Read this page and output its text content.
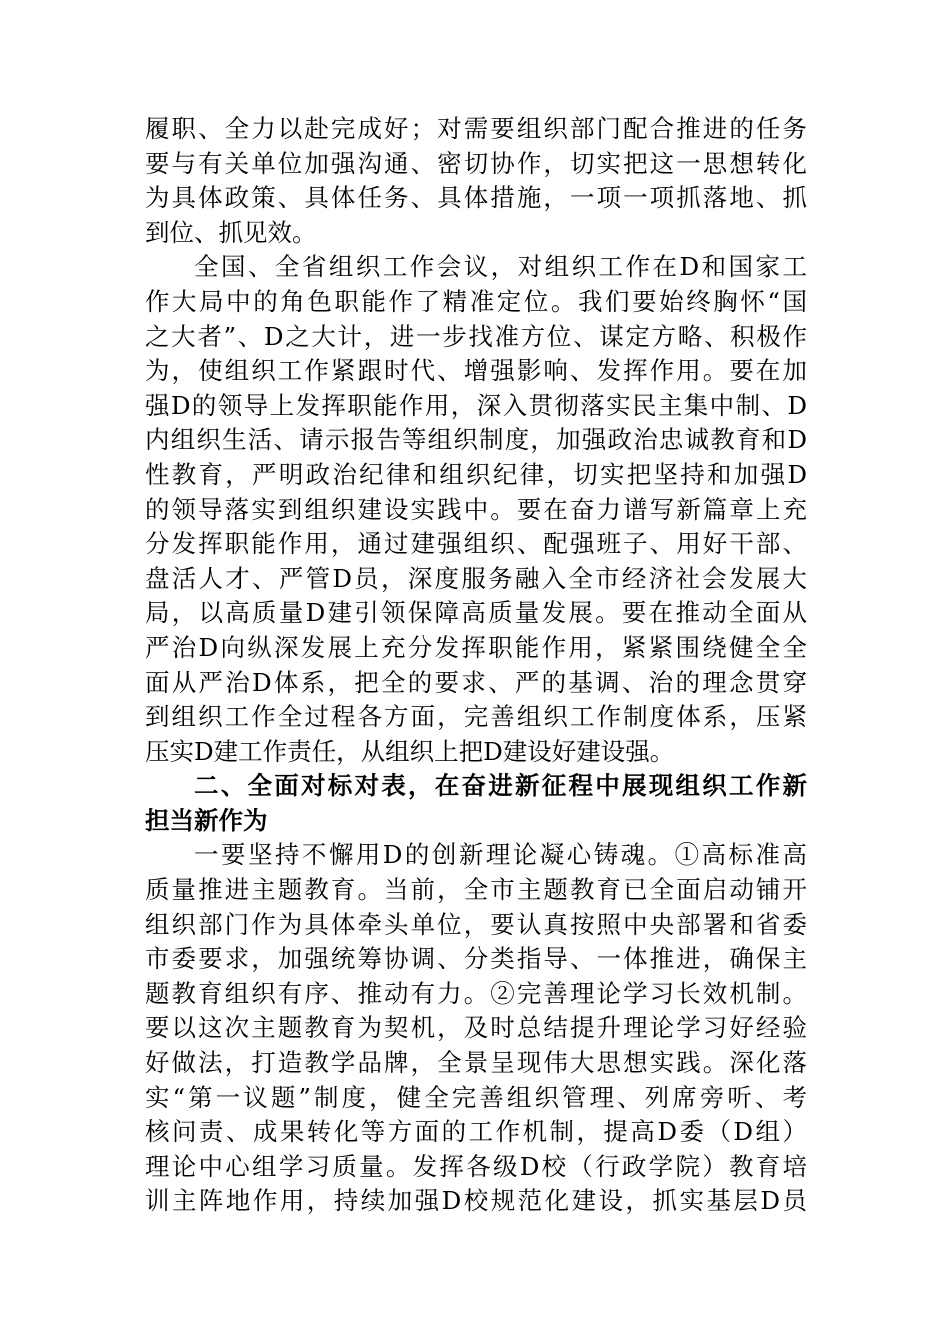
履职、全力以赴完成好；对需要组织部门配合推进的任务
要与有关单位加强沟通、密切协作，切实把这一思想转化
为具体政策、具体任务、具体措施，一项一项抓落地、抓
到位、抓见效。
全国、全省组织工作会议，对组织工作在D和国家工
作大局中的角色职能作了精准定位。我们要始终胸怀“国
之大者”、D之大计，进一步找准方位、谋定方略、积极作
为，使组织工作紧跟时代、增强影响、发挥作用。要在加
强D的领导上发挥职能作用，深入贯彻落实民主集中制、D
内组织生活、请示报告等组织制度，加强政治忠诚教育和D
性教育，严明政治纪律和组织纪律，切实把坚持和加强D
的领导落实到组织建设实践中。要在奋力谱写新篇章上充
分发挥职能作用，通过建强组织、配强班子、用好干部、
盘活人才、严管D员，深度服务融入全市经济社会发展大
局，以高质量D建引领保障高质量发展。要在推动全面从
严治D向纵深发展上充分发挥职能作用，紧紧围绕健全全
面从严治D体系，把全的要求、严的基调、治的理念贯穿
到组织工作全过程各方面，完善组织工作制度体系，压紧
压实D建工作责任，从组织上把D建设好建设强。
二、全面对标对表，在奋进新征程中展现组织工作新
担当新作为
一要坚持不懈用D的创新理论凝心铸魂。①高标准高
质量推进主题教育。当前，全市主题教育已全面启动铺开
组织部门作为具体牵头单位，要认真按照中央部署和省委
市委要求，加强统筹协调、分类指导、一体推进，确保主
题教育组织有序、推动有力。②完善理论学习长效机制。
要以这次主题教育为契机，及时总结提升理论学习好经验
好做法，打造教学品牌，全景呈现伟大思想实践。深化落
实“第一议题”制度，健全完善组织管理、列席旁听、考
核问责、成果转化等方面的工作机制，提高D委（D组）
理论中心组学习质量。发挥各级D校（行政学院）教育培
训主阵地作用，持续加强D校规范化建设，抓实基层D员
